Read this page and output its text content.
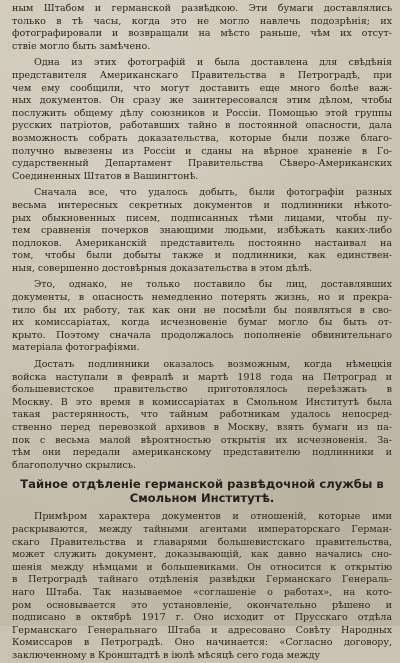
ным Штабом и германской развѣдкою. Эти бумаги доставлялись
только в тѣ часы, когда это не могло навлечь подозрѣнія; их
фотографировали и возвращали на мѣсто раньше, чѣм их отсут-
ствіе могло быть замѣчено.

Одна из этих фотографій и была доставлена для свѣдѣнія
представителя Американскаго Правительства в Петроградѣ, при
чем ему сообщили, что могут доставить еще много болѣе важ-
ных документов. Он сразу же заинтересовался этим дѣлом, чтобы
послужить общему дѣлу союзников и Россіи. Помощью этой группы
русских патріотов, работавших тайно в постоянной опасности, дала
возможность собрать доказательства, которые были позже благо-
получно вывезены из Россіи и сданы на вѣрное храненіе в Го-
сударственный Департамент Правительства Сѣверо-Американских
Соединенных Штатов в Вашингтонѣ.

Сначала все, что удалось добыть, были фотографіи разных
весьма интересных секретных документов и подлинники нѣкото-
рых обыкновенных писем, подписанных тѣми лицами, чтобы пу-
тем сравненія почерков знающими людьми, избѣжать каких-либо
подлоков. Американскій представитель постоянно настаивал на
том, чтобы были добыты также и подлинники, как единствен-
ныя, совершенно достовѣрныя доказательства в этом дѣлѣ.

Это, однако, не только поставило бы лиц, доставлявших
документы, в опасность немедленно потерять жизнь, но и прекра-
тило бы их работу, так как они не посмѣли бы появляться в сво-
их комиссаріатах, когда исчезновеніе бумаг могло бы быть от-
крыто. Поэтому сначала продолжалось пополненіе обвинительнаго
матеріала фотографіями.

Достать подлинники оказалось возможным, когда нѣмецкія
войска наступали в февралѣ и мартѣ 1918 года на Петроград и
большевистское правительство приготовлялось переѣзжать в
Москву. В это время в комиссаріатах в Смольном Институтѣ была
такая растерянность, что тайным работникам удалось непосред-
ственно перед перевозкой архивов в Москву, взять бумаги из па-
пок с весьма малой вѣроятностью открытія их исчезновенія. За-
тѣм они передали американскому представителю подлинники и
благополучно скрылись.

Тайное отдѣленіе германской развѣдочной службы в
Смольном Институтѣ.

Примѣром характера документов и отношеній, которые ими
раскрываются, между тайными агентами императорскаго Герман-
скаго Правительства и главарями большевистскаго правительства,
может служить документ, доказывающій, как давно начались сно-
шенія между нѣмцами и большевиками. Он относится к открытію
в Петроградѣ тайнаго отдѣленія развѣдки Германскаго Генераль-
наго Штаба. Так называемое «соглашеніе о работах», на кото-
ром основывается это установленіе, окончательно рѣшено и
подписано в октябрѣ 1917 г. Оно исходит от Прусскаго отдѣла
Германскаго Генеральнаго Штаба и адресовано Совѣту Народных
Комиссаров в Петроградѣ. Оно начинается: «Согласно договору,
заключенному в Кронштадтѣ в іюлѣ мѣсяцѣ сего года между
